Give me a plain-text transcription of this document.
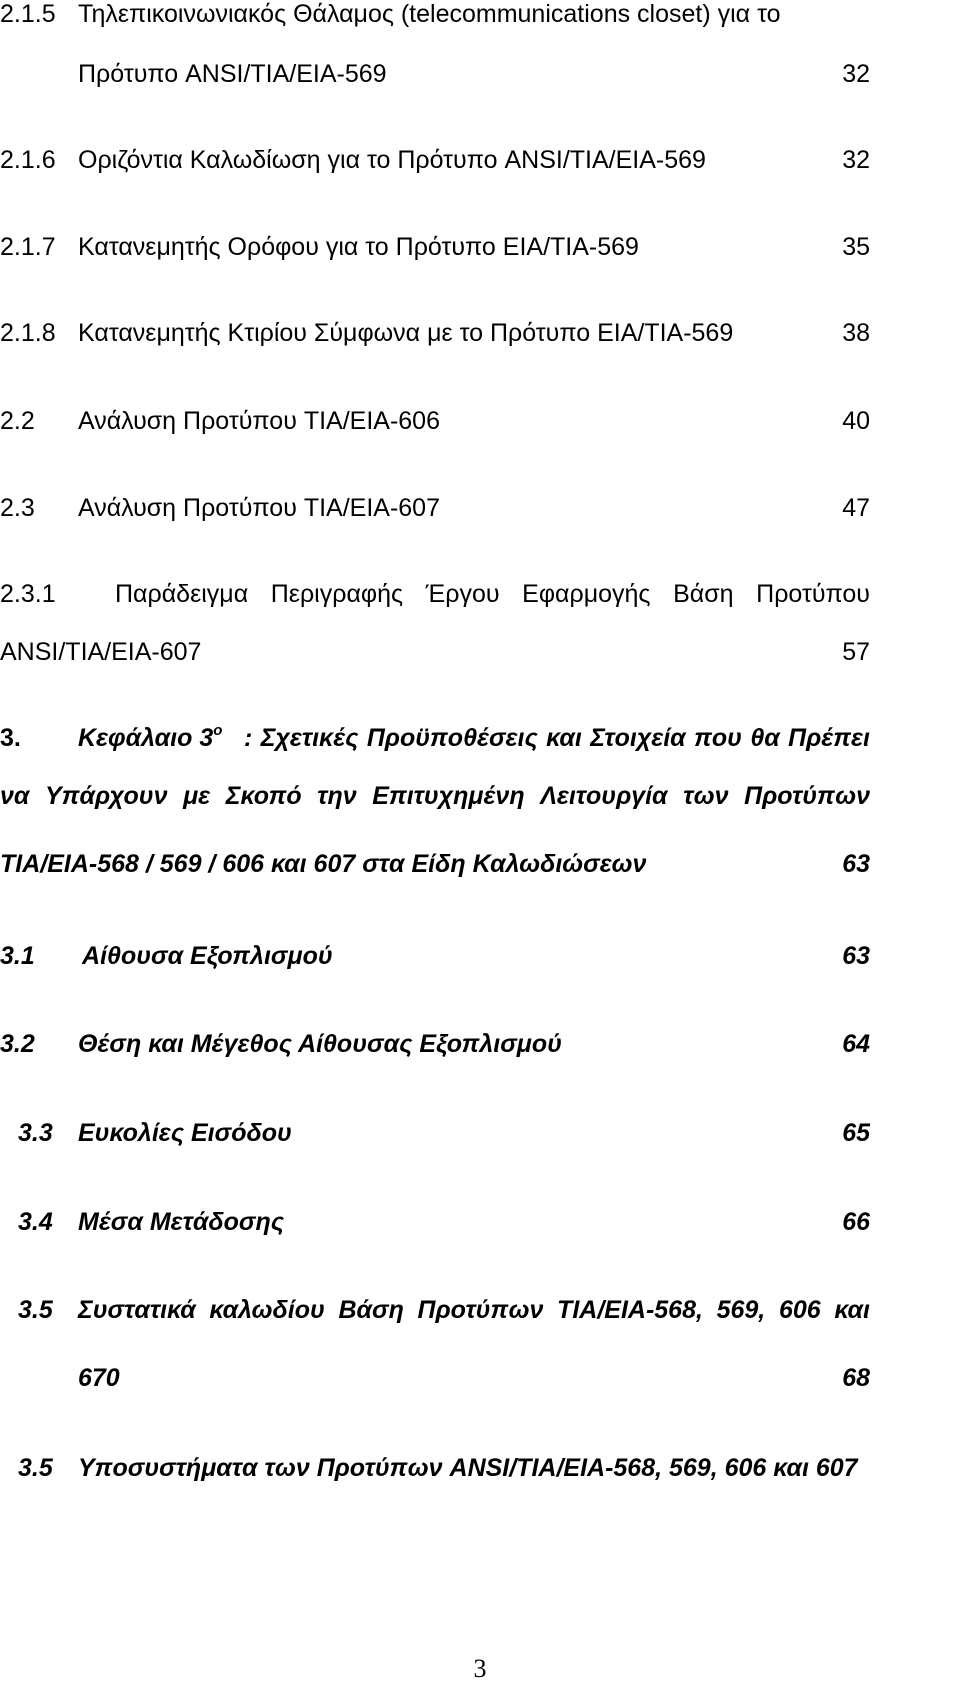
2.1.5 Τηλεπικοινωνιακός Θάλαμος (telecommunications closet) για το
Πρότυπο ANSI/TIA/EIA-569	32
2.1.6 Οριζόντια Καλωδίωση για το Πρότυπο ANSI/TIA/EIA-569	32
2.1.7 Κατανεμητής Ορόφου για το Πρότυπο EIA/TIA-569	35
2.1.8 Κατανεμητής Κτιρίου Σύμφωνα με το Πρότυπο EIA/TIA-569	38
2.2 Ανάλυση Προτύπου TIA/EIA-606	40
2.3 Ανάλυση Προτύπου TIA/EIA-607	47
2.3.1 Παράδειγμα Περιγραφής Έργου Εφαρμογής Βάση Προτύπου
ANSI/TIA/EIA-607	57
3. Κεφάλαιο $3^o$ : Σχετικές Προϋποθέσεις και Στοιχεία που θα Πρέπει
να Υπάρχουν με Σκοπό την Επιτυχημένη Λειτουργία των Προτύπων
TIA/EIA-568 / 569 / 606 και 607 στα Είδη Καλωδιώσεων	63
3.1 Αίθουσα Εξοπλισμού	63
3.2 Θέση και Μέγεθος Αίθουσας Εξοπλισμού	64
3.3 Ευκολίες Εισόδου	65
3.4 Μέσα Μετάδοσης	66
3.5 Συστατικά καλωδίου Βάση Προτύπων TIA/EIA-568, 569, 606 και
670	68
3.5 Υποσυστήματα των Προτύπων ANSI/TIA/EIA-568, 569, 606 και 607
3
